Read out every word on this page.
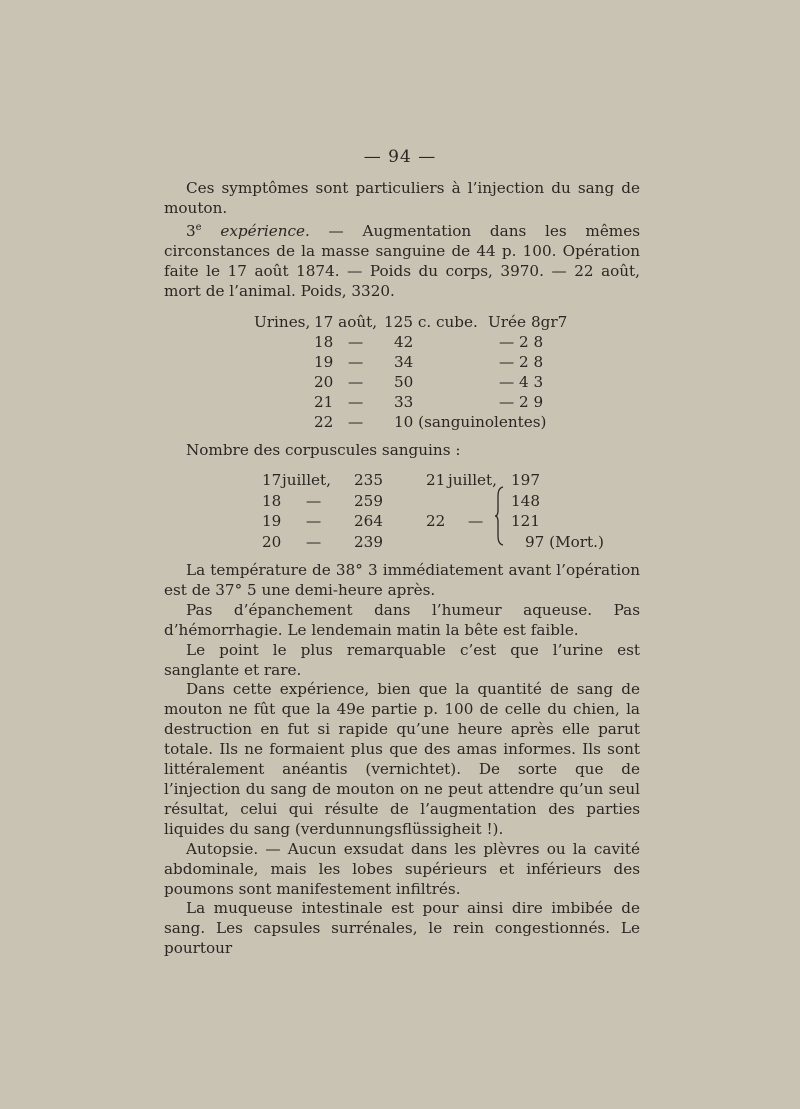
— 94 —

Ces symptômes sont particuliers à l’injection du sang de mouton.

3e expérience. — Augmentation dans les mêmes circonstances de la masse sanguine de 44 p. 100. Opération faite le 17 août 1874. — Poids du corps, 3970. — 22 août, mort de l’animal. Poids, 3320.

Urines, 17 août, 125 c. cube. Urée 8gr7
18 — 42	— 2 8
19 — 34	— 2 8
20 — 50	— 4 3
21 — 33	— 2 9
22 — 10 (sanguinolentes)
Nombre des corpuscules sanguins :
17 juillet, 235	21 juillet, 197
18 — 259	148
19 — 264	22 — 121
20 — 239	97 (Mort.)

La température de 38° 3 immédiatement avant l’opération est de 37° 5 une demi-heure après.

Pas d’épanchement dans l’humeur aqueuse. Pas d’hémorrhagie. Le lendemain matin la bête est faible.

Le point le plus remarquable c’est que l’urine est sanglante et rare.

Dans cette expérience, bien que la quantité de sang de mouton ne fût que la 49e partie p. 100 de celle du chien, la destruction en fut si rapide qu’une heure après elle parut totale. Ils ne formaient plus que des amas informes. Ils sont littéralement anéantis (vernichtet). De sorte que de l’injection du sang de mouton on ne peut attendre qu’un seul résultat, celui qui résulte de l’augmentation des parties liquides du sang (verdunnungsflüssigheit !).

Autopsie. — Aucun exsudat dans les plèvres ou la cavité abdominale, mais les lobes supérieurs et inférieurs des poumons sont manifestement infiltrés.

La muqueuse intestinale est pour ainsi dire imbibée de sang. Les capsules surrénales, le rein congestionnés. Le pourtour
